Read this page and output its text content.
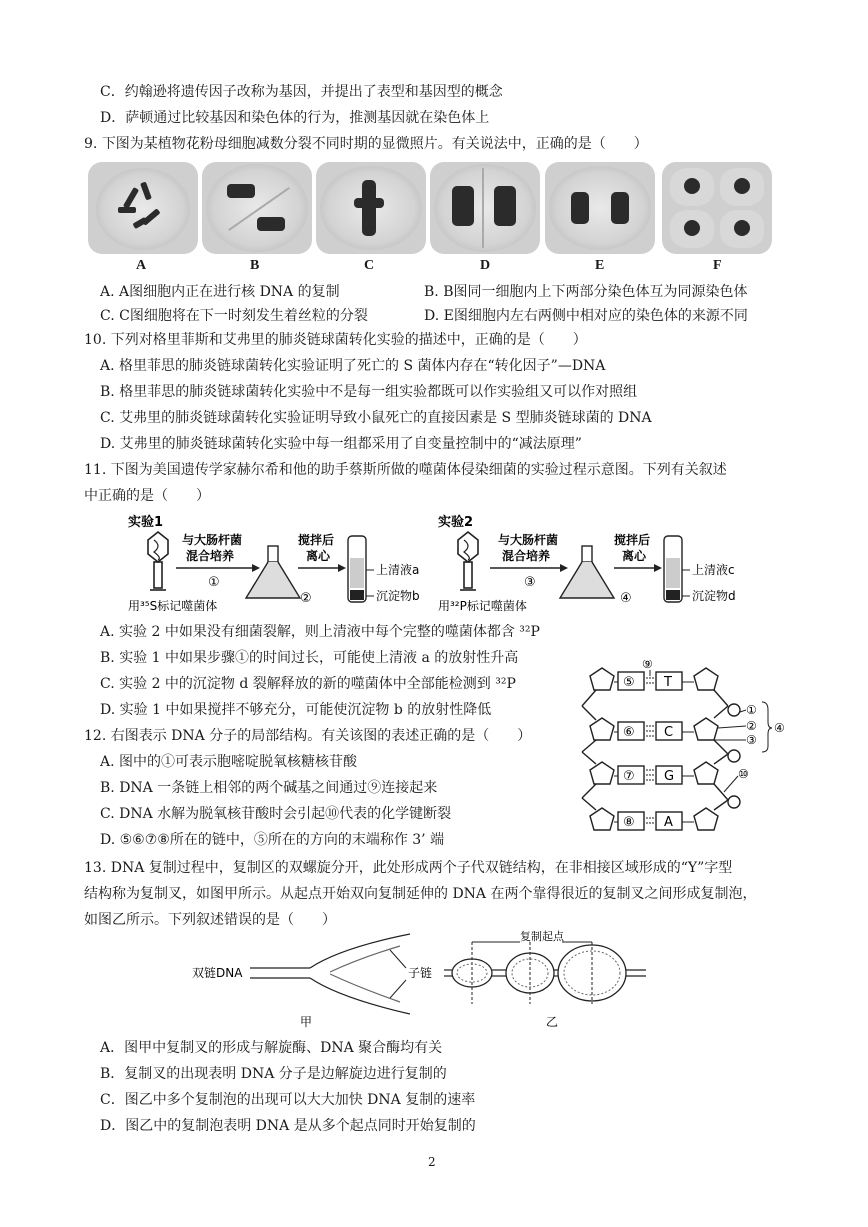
C．约翰逊将遗传因子改称为基因，并提出了表型和基因型的概念
D．萨顿通过比较基因和染色体的行为，推测基因就在染色体上
9. 下图为某植物花粉母细胞减数分裂不同时期的显微照片。有关说法中，正确的是（　　）
A	B	C	D	E	F
A. A图细胞内正在进行核 DNA 的复制	B. B图同一细胞内上下两部分染色体互为同源染色体
C. C图细胞将在下一时刻发生着丝粒的分裂	D. E图细胞内左右两侧中相对应的染色体的来源不同
10. 下列对格里菲斯和艾弗里的肺炎链球菌转化实验的描述中，正确的是（　　）
A. 格里菲思的肺炎链球菌转化实验证明了死亡的 S 菌体内存在“转化因子”—DNA
B. 格里菲思的肺炎链球菌转化实验中不是每一组实验都既可以作实验组又可以作对照组
C. 艾弗里的肺炎链球菌转化实验证明导致小鼠死亡的直接因素是 S 型肺炎链球菌的 DNA
D. 艾弗里的肺炎链球菌转化实验中每一组都采用了自变量控制中的“减法原理”
11. 下图为美国遗传学家赫尔希和他的助手蔡斯所做的噬菌体侵染细菌的实验过程示意图。下列有关叙述
中正确的是（　　）
实验1
用³⁵S标记噬菌体
与大肠杆菌
混合培养
①
搅拌后
离心
②
上清液a
沉淀物b
实验2
用³²P标记噬菌体
与大肠杆菌
混合培养
③
搅拌后
离心
④
上清液c
沉淀物d
A. 实验 2 中如果没有细菌裂解，则上清液中每个完整的噬菌体都含 ³²P
B. 实验 1 中如果步骤①的时间过长，可能使上清液 a 的放射性升高
C. 实验 2 中的沉淀物 d 裂解释放的新的噬菌体中全部能检测到 ³²P
D. 实验 1 中如果搅拌不够充分，可能使沉淀物 b 的放射性降低
12. 右图表示 DNA 分子的局部结构。有关该图的表述正确的是（　　）
A. 图中的①可表示胞嘧啶脱氧核糖核苷酸
B. DNA 一条链上相邻的两个碱基之间通过⑨连接起来
C. DNA 水解为脱氧核苷酸时会引起⑩代表的化学键断裂
D. ⑤⑥⑦⑧所在的链中，⑤所在的方向的末端称作 3’ 端
⑤
⑥
⑦
⑧
T
C
G
A
⑨
①
②
③
④
⑩
13. DNA 复制过程中，复制区的双螺旋分开，此处形成两个子代双链结构，在非相接区域形成的“Y”字型
结构称为复制叉，如图甲所示。从起点开始双向复制延伸的 DNA 在两个靠得很近的复制叉之间形成复制泡，
如图乙所示。下列叙述错误的是（　　）
双链DNA	子链
甲
复制起点
乙
A．图甲中复制叉的形成与解旋酶、DNA 聚合酶均有关
B．复制叉的出现表明 DNA 分子是边解旋边进行复制的
C．图乙中多个复制泡的出现可以大大加快 DNA 复制的速率
D．图乙中的复制泡表明 DNA 是从多个起点同时开始复制的
2
